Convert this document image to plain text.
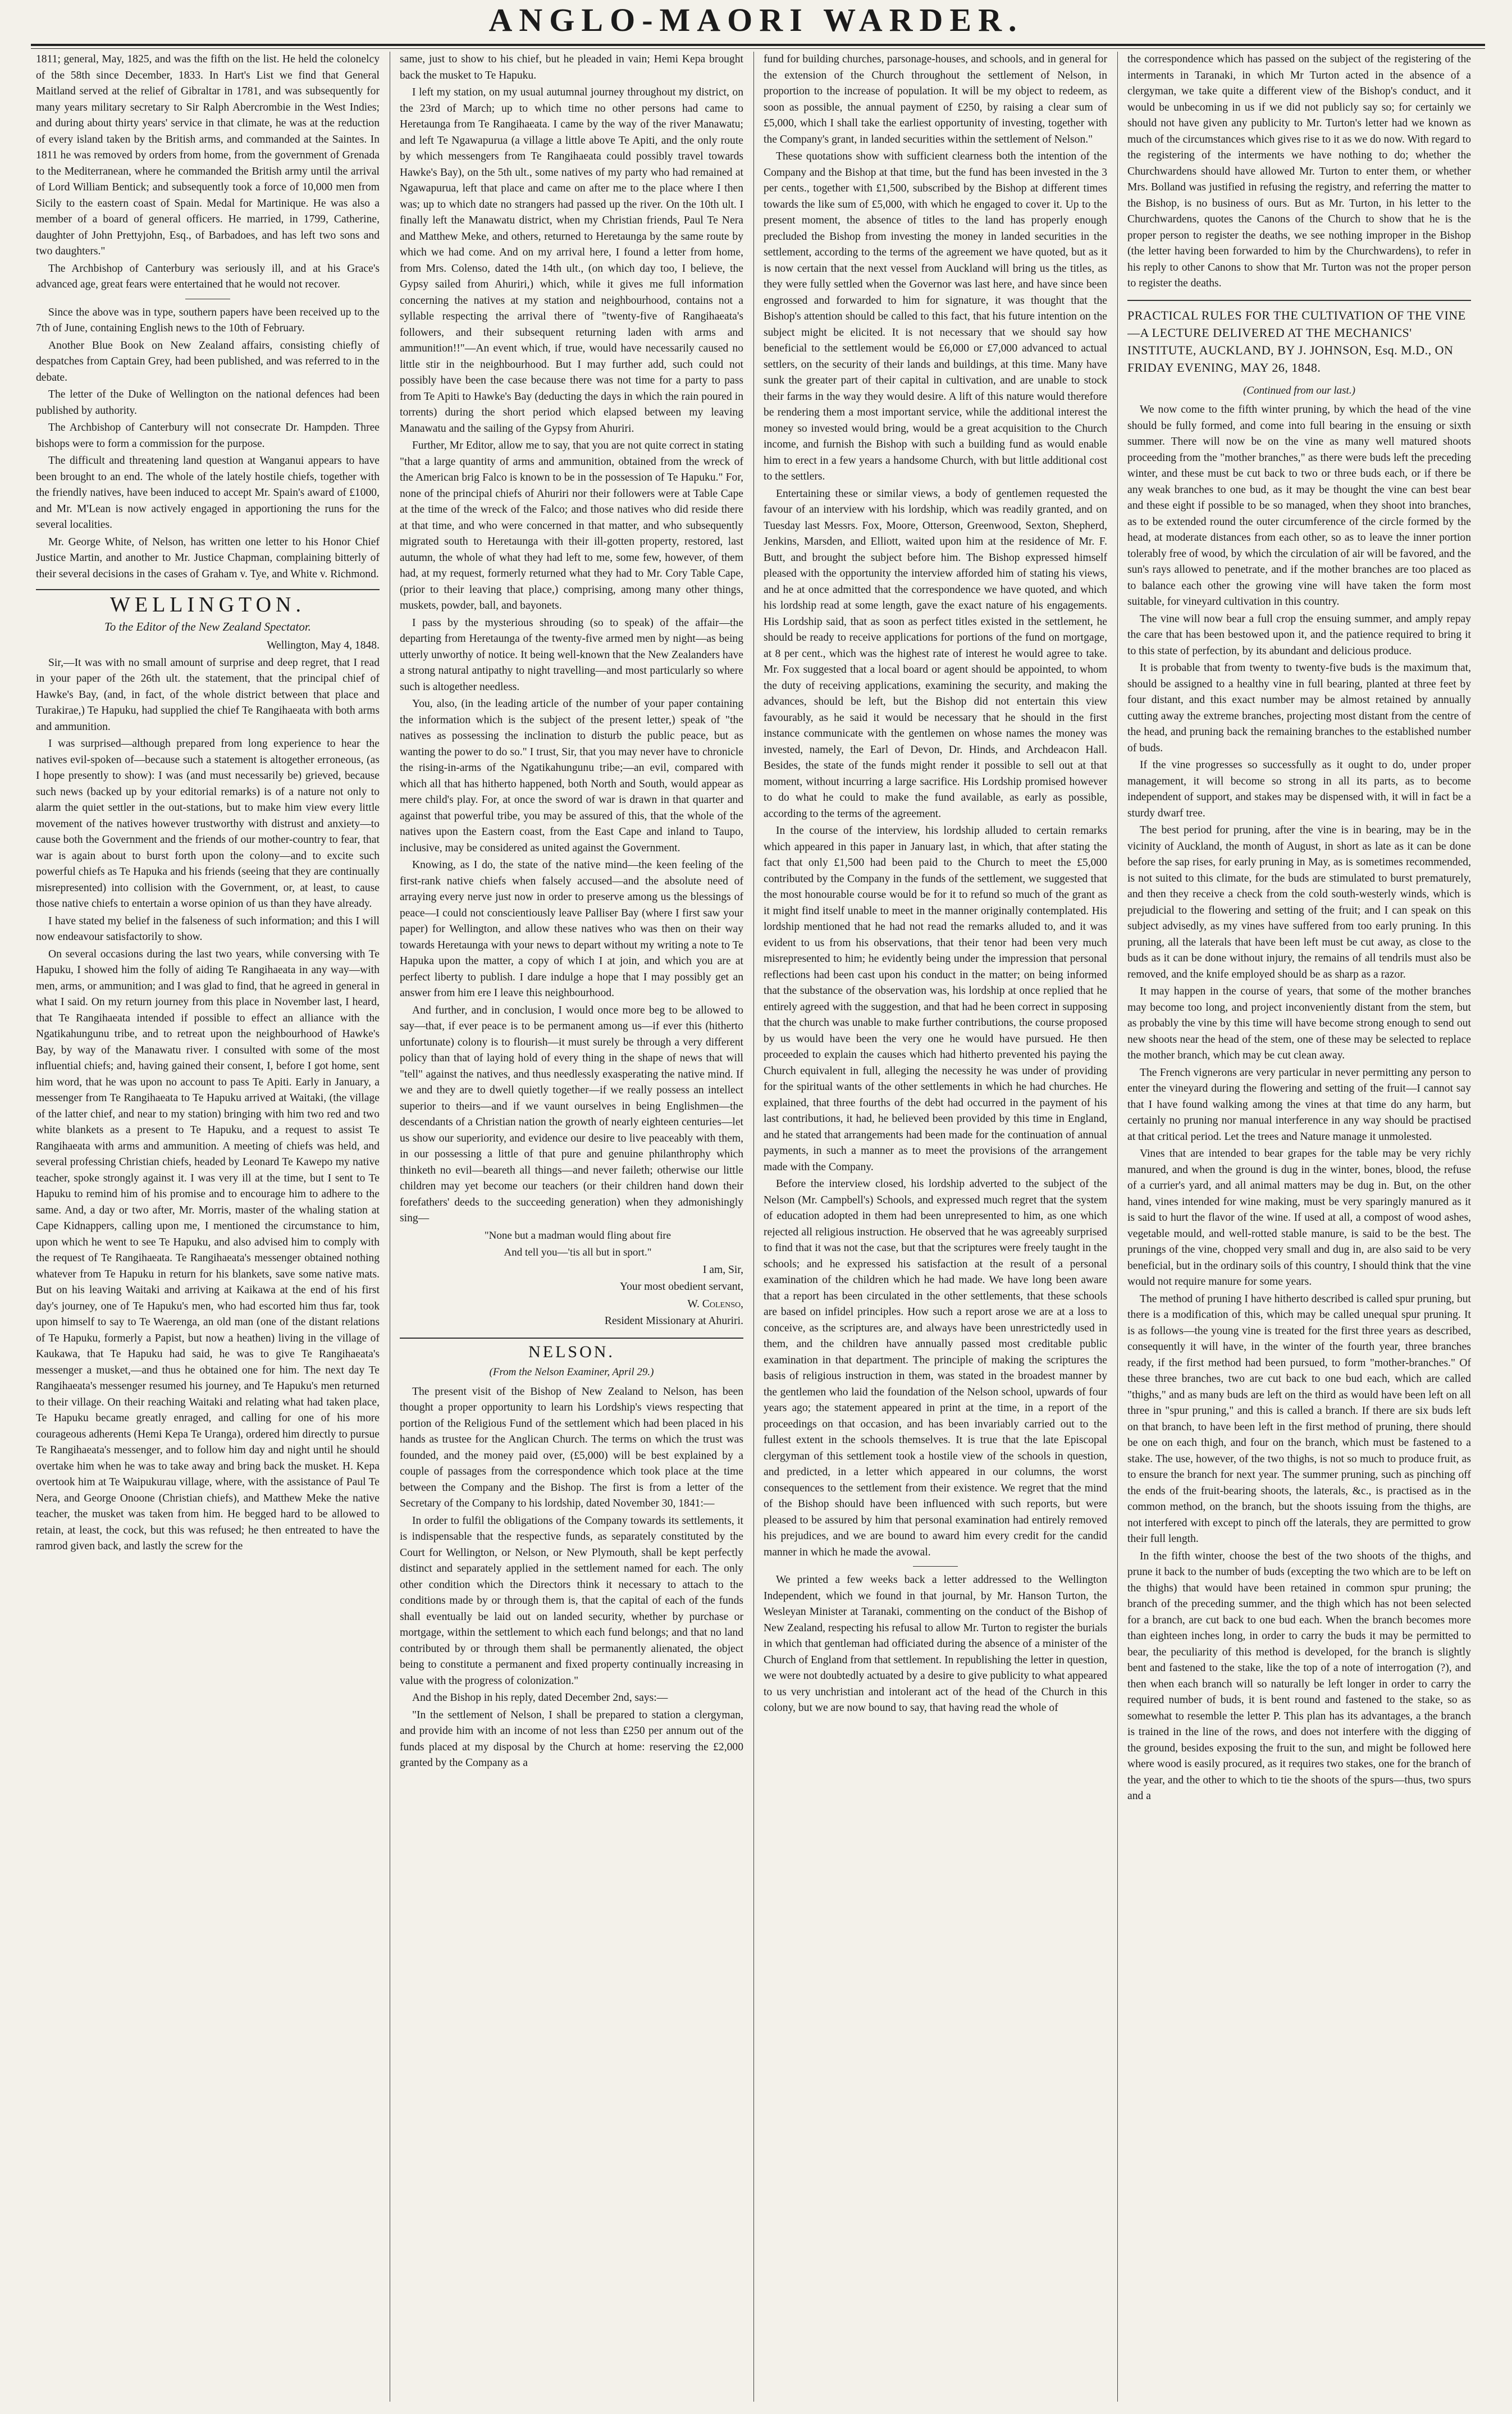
ANGLO-MAORI WARDER.

1811; general, May, 1825, and was the fifth on the list. He held the colonelcy of the 58th since December, 1833. In Hart's List we find that General Maitland served at the relief of Gibraltar in 1781, and was subsequently for many years military secretary to Sir Ralph Abercrombie in the West Indies; and during about thirty years' service in that climate, he was at the reduction of every island taken by the British arms, and commanded at the Saintes. In 1811 he was removed by orders from home, from the government of Grenada to the Mediterranean, where he commanded the British army until the arrival of Lord William Bentick; and subsequently took a force of 10,000 men from Sicily to the eastern coast of Spain. Medal for Martinique. He was also a member of a board of general officers. He married, in 1799, Catherine, daughter of John Prettyjohn, Esq., of Barbadoes, and has left two sons and two daughters."

The Archbishop of Canterbury was seriously ill, and at his Grace's advanced age, great fears were entertained that he would not recover.

Since the above was in type, southern papers have been received up to the 7th of June, containing English news to the 10th of February.

Another Blue Book on New Zealand affairs, consisting chiefly of despatches from Captain Grey, had been published, and was referred to in the debate.

The letter of the Duke of Wellington on the national defences had been published by authority.

The Archbishop of Canterbury will not consecrate Dr. Hampden. Three bishops were to form a commission for the purpose.

The difficult and threatening land question at Wanganui appears to have been brought to an end. The whole of the lately hostile chiefs, together with the friendly natives, have been induced to accept Mr. Spain's award of £1000, and Mr. M'Lean is now actively engaged in apportioning the runs for the several localities.

Mr. George White, of Nelson, has written one letter to his Honor Chief Justice Martin, and another to Mr. Justice Chapman, complaining bitterly of their several decisions in the cases of Graham v. Tye, and White v. Richmond.

WELLINGTON.
To the Editor of the New Zealand Spectator.

Wellington, May 4, 1848.

Sir,—It was with no small amount of surprise and deep regret, that I read in your paper of the 26th ult. the statement, that the principal chief of Hawke's Bay, (and, in fact, of the whole district between that place and Turakirae,) Te Hapuku, had supplied the chief Te Rangihaeata with both arms and ammunition.

I was surprised—although prepared from long experience to hear the natives evil-spoken of—because such a statement is altogether erroneous, (as I hope presently to show): I was (and must necessarily be) grieved, because such news (backed up by your editorial remarks) is of a nature not only to alarm the quiet settler in the out-stations, but to make him view every little movement of the natives however trustworthy with distrust and anxiety—to cause both the Government and the friends of our mother-country to fear, that war is again about to burst forth upon the colony—and to excite such powerful chiefs as Te Hapuka and his friends (seeing that they are continually misrepresented) into collision with the Government, or, at least, to cause those native chiefs to entertain a worse opinion of us than they have already.

I have stated my belief in the falseness of such information; and this I will now endeavour satisfactorily to show.

On several occasions during the last two years, while conversing with Te Hapuku, I showed him the folly of aiding Te Rangihaeata in any way—with men, arms, or ammunition; and I was glad to find, that he agreed in general in what I said. On my return journey from this place in November last, I heard, that Te Rangihaeata intended if possible to effect an alliance with the Ngatikahungunu tribe, and to retreat upon the neighbourhood of Hawke's Bay, by way of the Manawatu river. I consulted with some of the most influential chiefs; and, having gained their consent, I, before I got home, sent him word, that he was upon no account to pass Te Apiti. Early in January, a messenger from Te Rangihaeata to Te Hapuku arrived at Waitaki, (the village of the latter chief, and near to my station) bringing with him two red and two white blankets as a present to Te Hapuku, and a request to assist Te Rangihaeata with arms and ammunition. A meeting of chiefs was held, and several professing Christian chiefs, headed by Leonard Te Kawepo my native teacher, spoke strongly against it. I was very ill at the time, but I sent to Te Hapuku to remind him of his promise and to encourage him to adhere to the same. And, a day or two after, Mr. Morris, master of the whaling station at Cape Kidnappers, calling upon me, I mentioned the circumstance to him, upon which he went to see Te Hapuku, and also advised him to comply with the request of Te Rangihaeata. Te Rangihaeata's messenger obtained nothing whatever from Te Hapuku in return for his blankets, save some native mats. But on his leaving Waitaki and arriving at Kaikawa at the end of his first day's journey, one of Te Hapuku's men, who had escorted him thus far, took upon himself to say to Te Waerenga, an old man (one of the distant relations of Te Hapuku, formerly a Papist, but now a heathen) living in the village of Kaukawa, that Te Hapuku had said, he was to give Te Rangihaeata's messenger a musket,—and thus he obtained one for him. The next day Te Rangihaeata's messenger resumed his journey, and Te Hapuku's men returned to their village. On their reaching Waitaki and relating what had taken place, Te Hapuku became greatly enraged, and calling for one of his more courageous adherents (Hemi Kepa Te Uranga), ordered him directly to pursue Te Rangihaeata's messenger, and to follow him day and night until he should overtake him when he was to take away and bring back the musket. H. Kepa overtook him at Te Waipukurau village, where, with the assistance of Paul Te Nera, and George Onoone (Christian chiefs), and Matthew Meke the native teacher, the musket was taken from him. He begged hard to be allowed to retain, at least, the cock, but this was refused; he then entreated to have the ramrod given back, and lastly the screw for the

same, just to show to his chief, but he pleaded in vain; Hemi Kepa brought back the musket to Te Hapuku.

I left my station, on my usual autumnal journey throughout my district, on the 23rd of March; up to which time no other persons had came to Heretaunga from Te Rangihaeata. I came by the way of the river Manawatu; and left Te Ngawapurua (a village a little above Te Apiti, and the only route by which messengers from Te Rangihaeata could possibly travel towards Hawke's Bay), on the 5th ult., some natives of my party who had remained at Ngawapurua, left that place and came on after me to the place where I then was; up to which date no strangers had passed up the river. On the 10th ult. I finally left the Manawatu district, when my Christian friends, Paul Te Nera and Matthew Meke, and others, returned to Heretaunga by the same route by which we had come. And on my arrival here, I found a letter from home, from Mrs. Colenso, dated the 14th ult., (on which day too, I believe, the Gypsy sailed from Ahuriri,) which, while it gives me full information concerning the natives at my station and neighbourhood, contains not a syllable respecting the arrival there of "twenty-five of Rangihaeata's followers, and their subsequent returning laden with arms and ammunition!!"—An event which, if true, would have necessarily caused no little stir in the neighbourhood. But I may further add, such could not possibly have been the case because there was not time for a party to pass from Te Apiti to Hawke's Bay (deducting the days in which the rain poured in torrents) during the short period which elapsed between my leaving Manawatu and the sailing of the Gypsy from Ahuriri.

Further, Mr Editor, allow me to say, that you are not quite correct in stating "that a large quantity of arms and ammunition, obtained from the wreck of the American brig Falco is known to be in the possession of Te Hapuku." For, none of the principal chiefs of Ahuriri nor their followers were at Table Cape at the time of the wreck of the Falco; and those natives who did reside there at that time, and who were concerned in that matter, and who subsequently migrated south to Heretaunga with their ill-gotten property, restored, last autumn, the whole of what they had left to me, some few, however, of them had, at my request, formerly returned what they had to Mr. Cory Table Cape, (prior to their leaving that place,) comprising, among many other things, muskets, powder, ball, and bayonets.

I pass by the mysterious shrouding (so to speak) of the affair—the departing from Heretaunga of the twenty-five armed men by night—as being utterly unworthy of notice. It being well-known that the New Zealanders have a strong natural antipathy to night travelling—and most particularly so where such is altogether needless.

You, also, (in the leading article of the number of your paper containing the information which is the subject of the present letter,) speak of "the natives as possessing the inclination to disturb the public peace, but as wanting the power to do so." I trust, Sir, that you may never have to chronicle the rising-in-arms of the Ngatikahungunu tribe;—an evil, compared with which all that has hitherto happened, both North and South, would appear as mere child's play. For, at once the sword of war is drawn in that quarter and against that powerful tribe, you may be assured of this, that the whole of the natives upon the Eastern coast, from the East Cape and inland to Taupo, inclusive, may be considered as united against the Government.

Knowing, as I do, the state of the native mind—the keen feeling of the first-rank native chiefs when falsely accused—and the absolute need of arraying every nerve just now in order to preserve among us the blessings of peace—I could not conscientiously leave Palliser Bay (where I first saw your paper) for Wellington, and allow these natives who was then on their way towards Heretaunga with your news to depart without my writing a note to Te Hapuka upon the matter, a copy of which I at join, and which you are at perfect liberty to publish. I dare indulge a hope that I may possibly get an answer from him ere I leave this neighbourhood.

And further, and in conclusion, I would once more beg to be allowed to say—that, if ever peace is to be permanent among us—if ever this (hitherto unfortunate) colony is to flourish—it must surely be through a very different policy than that of laying hold of every thing in the shape of news that will "tell" against the natives, and thus needlessly exasperating the native mind. If we and they are to dwell quietly together—if we really possess an intellect superior to theirs—and if we vaunt ourselves in being Englishmen—the descendants of a Christian nation the growth of nearly eighteen centuries—let us show our superiority, and evidence our desire to live peaceably with them, in our possessing a little of that pure and genuine philanthrophy which thinketh no evil—beareth all things—and never faileth; otherwise our little children may yet become our teachers (or their children hand down their forefathers' deeds to the succeeding generation) when they admonishingly sing—

"None but a madman would fling about fire

And tell you—'tis all but in sport."

I am, Sir,

Your most obedient servant,

W. Colenso,

Resident Missionary at Ahuriri.

NELSON.
(From the Nelson Examiner, April 29.)

The present visit of the Bishop of New Zealand to Nelson, has been thought a proper opportunity to learn his Lordship's views respecting that portion of the Religious Fund of the settlement which had been placed in his hands as trustee for the Anglican Church. The terms on which the trust was founded, and the money paid over, (£5,000) will be best explained by a couple of passages from the correspondence which took place at the time between the Company and the Bishop. The first is from a letter of the Secretary of the Company to his lordship, dated November 30, 1841:—

In order to fulfil the obligations of the Company towards its settlements, it is indispensable that the respective funds, as separately constituted by the Court for Wellington, or Nelson, or New Plymouth, shall be kept perfectly distinct and separately applied in the settlement named for each. The only other condition which the Directors think it necessary to attach to the conditions made by or through them is, that the capital of each of the funds shall eventually be laid out on landed security, whether by purchase or mortgage, within the settlement to which each fund belongs; and that no land contributed by or through them shall be permanently alienated, the object being to constitute a permanent and fixed property continually increasing in value with the progress of colonization."

And the Bishop in his reply, dated December 2nd, says:—

"In the settlement of Nelson, I shall be prepared to station a clergyman, and provide him with an income of not less than £250 per annum out of the funds placed at my disposal by the Church at home: reserving the £2,000 granted by the Company as a

fund for building churches, parsonage-houses, and schools, and in general for the extension of the Church throughout the settlement of Nelson, in proportion to the increase of population. It will be my object to redeem, as soon as possible, the annual payment of £250, by raising a clear sum of £5,000, which I shall take the earliest opportunity of investing, together with the Company's grant, in landed securities within the settlement of Nelson."

These quotations show with sufficient clearness both the intention of the Company and the Bishop at that time, but the fund has been invested in the 3 per cents., together with £1,500, subscribed by the Bishop at different times towards the like sum of £5,000, with which he engaged to cover it. Up to the present moment, the absence of titles to the land has properly enough precluded the Bishop from investing the money in landed securities in the settlement, according to the terms of the agreement we have quoted, but as it is now certain that the next vessel from Auckland will bring us the titles, as they were fully settled when the Governor was last here, and have since been engrossed and forwarded to him for signature, it was thought that the Bishop's attention should be called to this fact, that his future intention on the subject might be elicited. It is not necessary that we should say how beneficial to the settlement would be £6,000 or £7,000 advanced to actual settlers, on the security of their lands and buildings, at this time. Many have sunk the greater part of their capital in cultivation, and are unable to stock their farms in the way they would desire. A lift of this nature would therefore be rendering them a most important service, while the additional interest the money so invested would bring, would be a great acquisition to the Church income, and furnish the Bishop with such a building fund as would enable him to erect in a few years a handsome Church, with but little additional cost to the settlers.

Entertaining these or similar views, a body of gentlemen requested the favour of an interview with his lordship, which was readily granted, and on Tuesday last Messrs. Fox, Moore, Otterson, Greenwood, Sexton, Shepherd, Jenkins, Marsden, and Elliott, waited upon him at the residence of Mr. F. Butt, and brought the subject before him. The Bishop expressed himself pleased with the opportunity the interview afforded him of stating his views, and he at once admitted that the correspondence we have quoted, and which his lordship read at some length, gave the exact nature of his engagements. His Lordship said, that as soon as perfect titles existed in the settlement, he should be ready to receive applications for portions of the fund on mortgage, at 8 per cent., which was the highest rate of interest he would agree to take. Mr. Fox suggested that a local board or agent should be appointed, to whom the duty of receiving applications, examining the security, and making the advances, should be left, but the Bishop did not entertain this view favourably, as he said it would be necessary that he should in the first instance communicate with the gentlemen on whose names the money was invested, namely, the Earl of Devon, Dr. Hinds, and Archdeacon Hall. Besides, the state of the funds might render it possible to sell out at that moment, without incurring a large sacrifice. His Lordship promised however to do what he could to make the fund available, as early as possible, according to the terms of the agreement.

In the course of the interview, his lordship alluded to certain remarks which appeared in this paper in January last, in which, that after stating the fact that only £1,500 had been paid to the Church to meet the £5,000 contributed by the Company in the funds of the settlement, we suggested that the most honourable course would be for it to refund so much of the grant as it might find itself unable to meet in the manner originally contemplated. His lordship mentioned that he had not read the remarks alluded to, and it was evident to us from his observations, that their tenor had been very much misrepresented to him; he evidently being under the impression that personal reflections had been cast upon his conduct in the matter; on being informed that the substance of the observation was, his lordship at once replied that he entirely agreed with the suggestion, and that had he been correct in supposing that the church was unable to make further contributions, the course proposed by us would have been the very one he would have pursued. He then proceeded to explain the causes which had hitherto prevented his paying the Church equivalent in full, alleging the necessity he was under of providing for the spiritual wants of the other settlements in which he had churches. He explained, that three fourths of the debt had occurred in the payment of his last contributions, it had, he believed been provided by this time in England, and he stated that arrangements had been made for the continuation of annual payments, in such a manner as to meet the provisions of the arrangement made with the Company.

Before the interview closed, his lordship adverted to the subject of the Nelson (Mr. Campbell's) Schools, and expressed much regret that the system of education adopted in them had been unrepresented to him, as one which rejected all religious instruction. He observed that he was agreeably surprised to find that it was not the case, but that the scriptures were freely taught in the schools; and he expressed his satisfaction at the result of a personal examination of the children which he had made. We have long been aware that a report has been circulated in the other settlements, that these schools are based on infidel principles. How such a report arose we are at a loss to conceive, as the scriptures are, and always have been unrestrictedly used in them, and the children have annually passed most creditable public examination in that department. The principle of making the scriptures the basis of religious instruction in them, was stated in the broadest manner by the gentlemen who laid the foundation of the Nelson school, upwards of four years ago; the statement appeared in print at the time, in a report of the proceedings on that occasion, and has been invariably carried out to the fullest extent in the schools themselves. It is true that the late Episcopal clergyman of this settlement took a hostile view of the schools in question, and predicted, in a letter which appeared in our columns, the worst consequences to the settlement from their existence. We regret that the mind of the Bishop should have been influenced with such reports, but were pleased to be assured by him that personal examination had entirely removed his prejudices, and we are bound to award him every credit for the candid manner in which he made the avowal.

We printed a few weeks back a letter addressed to the Wellington Independent, which we found in that journal, by Mr. Hanson Turton, the Wesleyan Minister at Taranaki, commenting on the conduct of the Bishop of New Zealand, respecting his refusal to allow Mr. Turton to register the burials in which that gentleman had officiated during the absence of a minister of the Church of England from that settlement. In republishing the letter in question, we were not doubtedly actuated by a desire to give publicity to what appeared to us very unchristian and intolerant act of the head of the Church in this colony, but we are now bound to say, that having read the whole of

the correspondence which has passed on the subject of the registering of the interments in Taranaki, in which Mr Turton acted in the absence of a clergyman, we take quite a different view of the Bishop's conduct, and it would be unbecoming in us if we did not publicly say so; for certainly we should not have given any publicity to Mr. Turton's letter had we known as much of the circumstances which gives rise to it as we do now. With regard to the registering of the interments we have nothing to do; whether the Churchwardens should have allowed Mr. Turton to enter them, or whether Mrs. Bolland was justified in refusing the registry, and referring the matter to the Bishop, is no business of ours. But as Mr. Turton, in his letter to the Churchwardens, quotes the Canons of the Church to show that he is the proper person to register the deaths, we see nothing improper in the Bishop (the letter having been forwarded to him by the Churchwardens), to refer in his reply to other Canons to show that Mr. Turton was not the proper person to register the deaths.

PRACTICAL RULES FOR THE CULTIVATION OF THE VINE—A LECTURE DELIVERED AT THE MECHANICS' INSTITUTE, AUCKLAND, BY J. JOHNSON, Esq. M.D., ON FRIDAY EVENING, MAY 26, 1848.
(Continued from our last.)

We now come to the fifth winter pruning, by which the head of the vine should be fully formed, and come into full bearing in the ensuing or sixth summer. There will now be on the vine as many well matured shoots proceeding from the "mother branches," as there were buds left the preceding winter, and these must be cut back to two or three buds each, or if there be any weak branches to one bud, as it may be thought the vine can best bear and these eight if possible to be so managed, when they shoot into branches, as to be extended round the outer circumference of the circle formed by the head, at moderate distances from each other, so as to leave the inner portion tolerably free of wood, by which the circulation of air will be favored, and the sun's rays allowed to penetrate, and if the mother branches are too placed as to balance each other the growing vine will have taken the form most suitable, for vineyard cultivation in this country.

The vine will now bear a full crop the ensuing summer, and amply repay the care that has been bestowed upon it, and the patience required to bring it to this state of perfection, by its abundant and delicious produce.

It is probable that from twenty to twenty-five buds is the maximum that, should be assigned to a healthy vine in full bearing, planted at three feet by four distant, and this exact number may be almost retained by annually cutting away the extreme branches, projecting most distant from the centre of the head, and pruning back the remaining branches to the established number of buds.

If the vine progresses so successfully as it ought to do, under proper management, it will become so strong in all its parts, as to become independent of support, and stakes may be dispensed with, it will in fact be a sturdy dwarf tree.

The best period for pruning, after the vine is in bearing, may be in the vicinity of Auckland, the month of August, in short as late as it can be done before the sap rises, for early pruning in May, as is sometimes recommended, is not suited to this climate, for the buds are stimulated to burst prematurely, and then they receive a check from the cold south-westerly winds, which is prejudicial to the flowering and setting of the fruit; and I can speak on this subject advisedly, as my vines have suffered from too early pruning. In this pruning, all the laterals that have been left must be cut away, as close to the buds as it can be done without injury, the remains of all tendrils must also be removed, and the knife employed should be as sharp as a razor.

It may happen in the course of years, that some of the mother branches may become too long, and project inconveniently distant from the stem, but as probably the vine by this time will have become strong enough to send out new shoots near the head of the stem, one of these may be selected to replace the mother branch, which may be cut clean away.

The French vignerons are very particular in never permitting any person to enter the vineyard during the flowering and setting of the fruit—I cannot say that I have found walking among the vines at that time do any harm, but certainly no pruning nor manual interference in any way should be practised at that critical period. Let the trees and Nature manage it unmolested.

Vines that are intended to bear grapes for the table may be very richly manured, and when the ground is dug in the winter, bones, blood, the refuse of a currier's yard, and all animal matters may be dug in. But, on the other hand, vines intended for wine making, must be very sparingly manured as it is said to hurt the flavor of the wine. If used at all, a compost of wood ashes, vegetable mould, and well-rotted stable manure, is said to be the best. The prunings of the vine, chopped very small and dug in, are also said to be very beneficial, but in the ordinary soils of this country, I should think that the vine would not require manure for some years.

The method of pruning I have hitherto described is called spur pruning, but there is a modification of this, which may be called unequal spur pruning. It is as follows—the young vine is treated for the first three years as described, consequently it will have, in the winter of the fourth year, three branches ready, if the first method had been pursued, to form "mother-branches." Of these three branches, two are cut back to one bud each, which are called "thighs," and as many buds are left on the third as would have been left on all three in "spur pruning," and this is called a branch. If there are six buds left on that branch, to have been left in the first method of pruning, there should be one on each thigh, and four on the branch, which must be fastened to a stake. The use, however, of the two thighs, is not so much to produce fruit, as to ensure the branch for next year. The summer pruning, such as pinching off the ends of the fruit-bearing shoots, the laterals, &c., is practised as in the common method, on the branch, but the shoots issuing from the thighs, are not interfered with except to pinch off the laterals, they are permitted to grow their full length.

In the fifth winter, choose the best of the two shoots of the thighs, and prune it back to the number of buds (excepting the two which are to be left on the thighs) that would have been retained in common spur pruning; the branch of the preceding summer, and the thigh which has not been selected for a branch, are cut back to one bud each. When the branch becomes more than eighteen inches long, in order to carry the buds it may be permitted to bear, the peculiarity of this method is developed, for the branch is slightly bent and fastened to the stake, like the top of a note of interrogation (?), and then when each branch will so naturally be left longer in order to carry the required number of buds, it is bent round and fastened to the stake, so as somewhat to resemble the letter P. This plan has its advantages, a the branch is trained in the line of the rows, and does not interfere with the digging of the ground, besides exposing the fruit to the sun, and might be followed here where wood is easily procured, as it requires two stakes, one for the branch of the year, and the other to which to tie the shoots of the spurs—thus, two spurs and a
